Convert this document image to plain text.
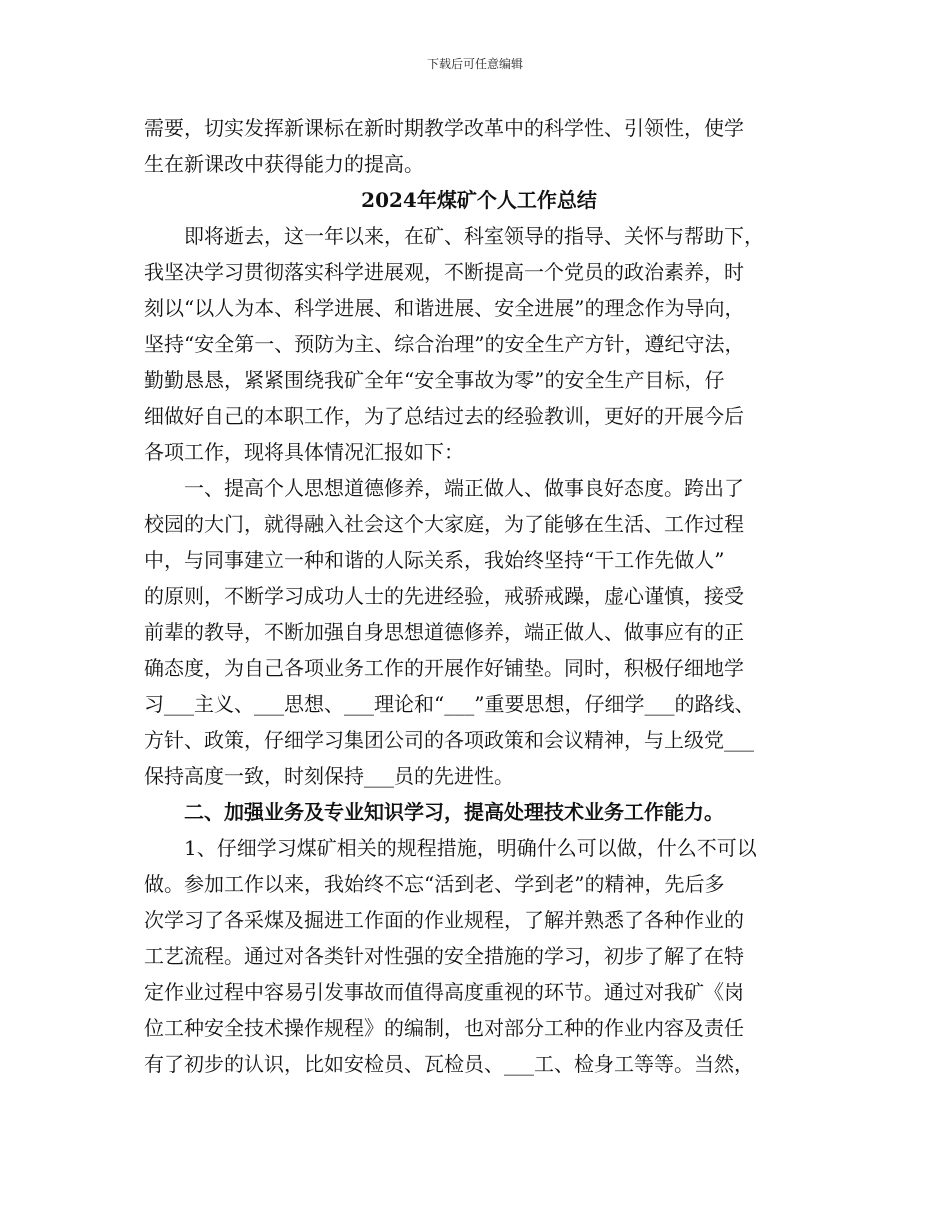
下载后可任意编辑
需要，切实发挥新课标在新时期教学改革中的科学性、引领性，使学
生在新课改中获得能力的提高。
2024年煤矿个人工作总结
　　即将逝去，这一年以来，在矿、科室领导的指导、关怀与帮助下，
我坚决学习贯彻落实科学进展观，不断提高一个党员的政治素养，时
刻以“以人为本、科学进展、和谐进展、安全进展”的理念作为导向，
坚持“安全第一、预防为主、综合治理”的安全生产方针，遵纪守法，
勤勤恳恳，紧紧围绕我矿全年“安全事故为零”的安全生产目标，仔
细做好自己的本职工作，为了总结过去的经验教训，更好的开展今后
各项工作，现将具体情况汇报如下：
　　一、提高个人思想道德修养，端正做人、做事良好态度。跨出了
校园的大门，就得融入社会这个大家庭，为了能够在生活、工作过程
中，与同事建立一种和谐的人际关系，我始终坚持“干工作先做人”
的原则，不断学习成功人士的先进经验，戒骄戒躁，虚心谨慎，接受
前辈的教导，不断加强自身思想道德修养，端正做人、做事应有的正
确态度，为自己各项业务工作的开展作好铺垫。同时，积极仔细地学
习___主义、___思想、___理论和“___”重要思想，仔细学___的路线、
方针、政策，仔细学习集团公司的各项政策和会议精神，与上级党___
保持高度一致，时刻保持___员的先进性。
　　二、加强业务及专业知识学习，提高处理技术业务工作能力。
　　1、仔细学习煤矿相关的规程措施，明确什么可以做，什么不可以
做。参加工作以来，我始终不忘“活到老、学到老”的精神，先后多
次学习了各采煤及掘进工作面的作业规程，了解并熟悉了各种作业的
工艺流程。通过对各类针对性强的安全措施的学习，初步了解了在特
定作业过程中容易引发事故而值得高度重视的环节。通过对我矿《岗
位工种安全技术操作规程》的编制，也对部分工种的作业内容及责任
有了初步的认识，比如安检员、瓦检员、___工、检身工等等。当然，
